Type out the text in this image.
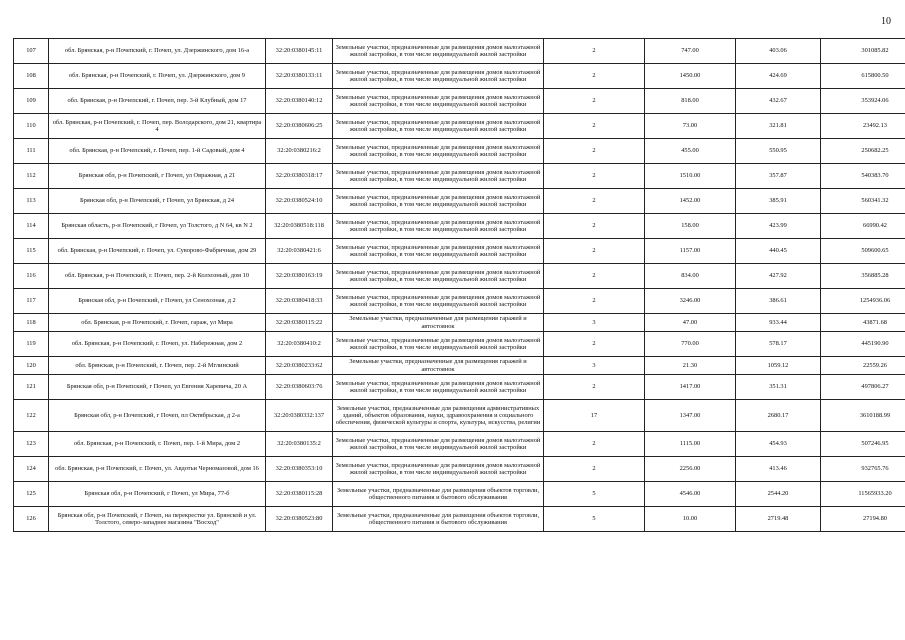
10
107	обл. Брянская, р-н Почепский, г. Почеп, ул. Дзержинского, дом 16-а	32:20:0380145:11	Земельные участки, предназначенные для размещения домов малоэтажной жилой застройки, в том числе индивидуальной жилой застройки	2	747.00	403.06	301085.82
108	обл. Брянская, р-н Почепский, г. Почеп, ул. Дзержинского, дом 9	32:20:0380133:11	Земельные участки, предназначенные для размещения домов малоэтажной жилой застройки, в том числе индивидуальной жилой застройки	2	1450.00	424.69	615800.50
109	обл. Брянская, р-н Почепский, г. Почеп, пер. 3-й Клубный, дом 17	32:20:0380140:12	Земельные участки, предназначенные для размещения домов малоэтажной жилой застройки, в том числе индивидуальной жилой застройки	2	818.00	432.67	353924.06
110	обл. Брянская, р-н Почепский, г. Почеп, пер. Володарского, дом 21, квартира 4	32:20:0380606:25	Земельные участки, предназначенные для размещения домов малоэтажной жилой застройки, в том числе индивидуальной жилой застройки	2	73.00	321.81	23492.13
111	обл. Брянская, р-н Почепский, г. Почеп, пер. 1-й Садовый, дом 4	32:20:0380216:2	Земельные участки, предназначенные для размещения домов малоэтажной жилой застройки, в том числе индивидуальной жилой застройки	2	455.00	550.95	250682.25
112	Брянская обл, р-н Почепский, г Почеп, ул Овражная, д 21	32:20:0380318:17	Земельные участки, предназначенные для размещения домов малоэтажной жилой застройки, в том числе индивидуальной жилой застройки	2	1510.00	357.87	540383.70
113	Брянская обл, р-н Почепский, г Почеп, ул Брянская, д 24	32:20:0380524:10	Земельные участки, предназначенные для размещения домов малоэтажной жилой застройки, в том числе индивидуальной жилой застройки	2	1452.00	385.91	560341.32
114	Брянская область, р-н Почепский, г Почеп, ул Толстого, д N 64, кв N 2	32:20:0380518:118	Земельные участки, предназначенные для размещения домов малоэтажной жилой застройки, в том числе индивидуальной жилой застройки	2	158.00	423.99	66990.42
115	обл. Брянская, р-н Почепский, г. Почеп, ул. Суворово-Фабричная, дом 29	32:20:0380421:6	Земельные участки, предназначенные для размещения домов малоэтажной жилой застройки, в том числе индивидуальной жилой застройки	2	1157.00	440.45	509600.65
116	обл. Брянская, р-н Почепский, г. Почеп, пер. 2-й Колхозный, дом 10	32:20:0380163:19	Земельные участки, предназначенные для размещения домов малоэтажной жилой застройки, в том числе индивидуальной жилой застройки	2	834.00	427.92	356885.28
117	Брянская обл, р-н Почепский, г Почеп, ул Сенохозная, д 2	32:20:0380418:33	Земельные участки, предназначенные для размещения домов малоэтажной жилой застройки, в том числе индивидуальной жилой застройки	2	3246.00	386.61	1254936.06
118	обл. Брянская, р-н Почепский, г. Почеп, гараж, ул Мира	32:20:0380115:22	Земельные участки, предназначенные для размещения гаражей и автостоянок	3	47.00	933.44	43871.68
119	обл. Брянская, р-н Почепский, г. Почеп, ул. Набережная, дом 2	32:20:0380410:2	Земельные участки, предназначенные для размещения домов малоэтажной жилой застройки, в том числе индивидуальной жилой застройки	2	770.00	578.17	445190.90
120	обл. Брянская, р-н Почепский, г. Почеп, пер. 2-й Мглинский	32:20:0380233:62	Земельные участки, предназначенные для размещения гаражей и автостоянок	3	21.30	1059.12	22559.26
121	Брянская обл, р-н Почепский, г Почеп, ул Евгения Харевича, 20 А	32:20:0380603:76	Земельные участки, предназначенные для размещения домов малоэтажной жилой застройки, в том числе индивидуальной жилой застройки	2	1417.00	351.31	497806.27
122	Брянская обл, р-н Почепский, г Почеп, пл Октябрьская, д 2-а	32:20:0380332:137	Земельные участки, предназначенные для размещения административных зданий, объектов образования, науки, здравоохранения и социального обеспечения, физической культуры и спорта, культуры, искусства, религии	17	1347.00	2680.17	3610188.99
123	обл. Брянская, р-н Почепский, г. Почеп, пер. 1-й Мира, дом 2	32:20:0380135:2	Земельные участки, предназначенные для размещения домов малоэтажной жилой застройки, в том числе индивидуальной жилой застройки	2	1115.00	454.93	507246.95
124	обл. Брянская, р-н Почепский, г. Почеп, ул. Авдотьи Черномазовой, дом 16	32:20:0380353:10	Земельные участки, предназначенные для размещения домов малоэтажной жилой застройки, в том числе индивидуальной жилой застройки	2	2256.00	413.46	932765.76
125	Брянская обл, р-н Почепский, г Почеп, ул Мира, 77-б	32:20:0380115:28	Земельные участки, предназначенные для размещения объектов торговли, общественного питания и бытового обслуживания	5	4546.00	2544.20	11565933.20
126	Брянская обл, р-н Почепский, г Почеп, на перекрестке ул. Брянской и ул. Толстого, северо-западнее магазина "Восход"	32:20:0380523:80	Земельные участки, предназначенные для размещения объектов торговли, общественного питания и бытового обслуживания	5	10.00	2719.48	27194.80
